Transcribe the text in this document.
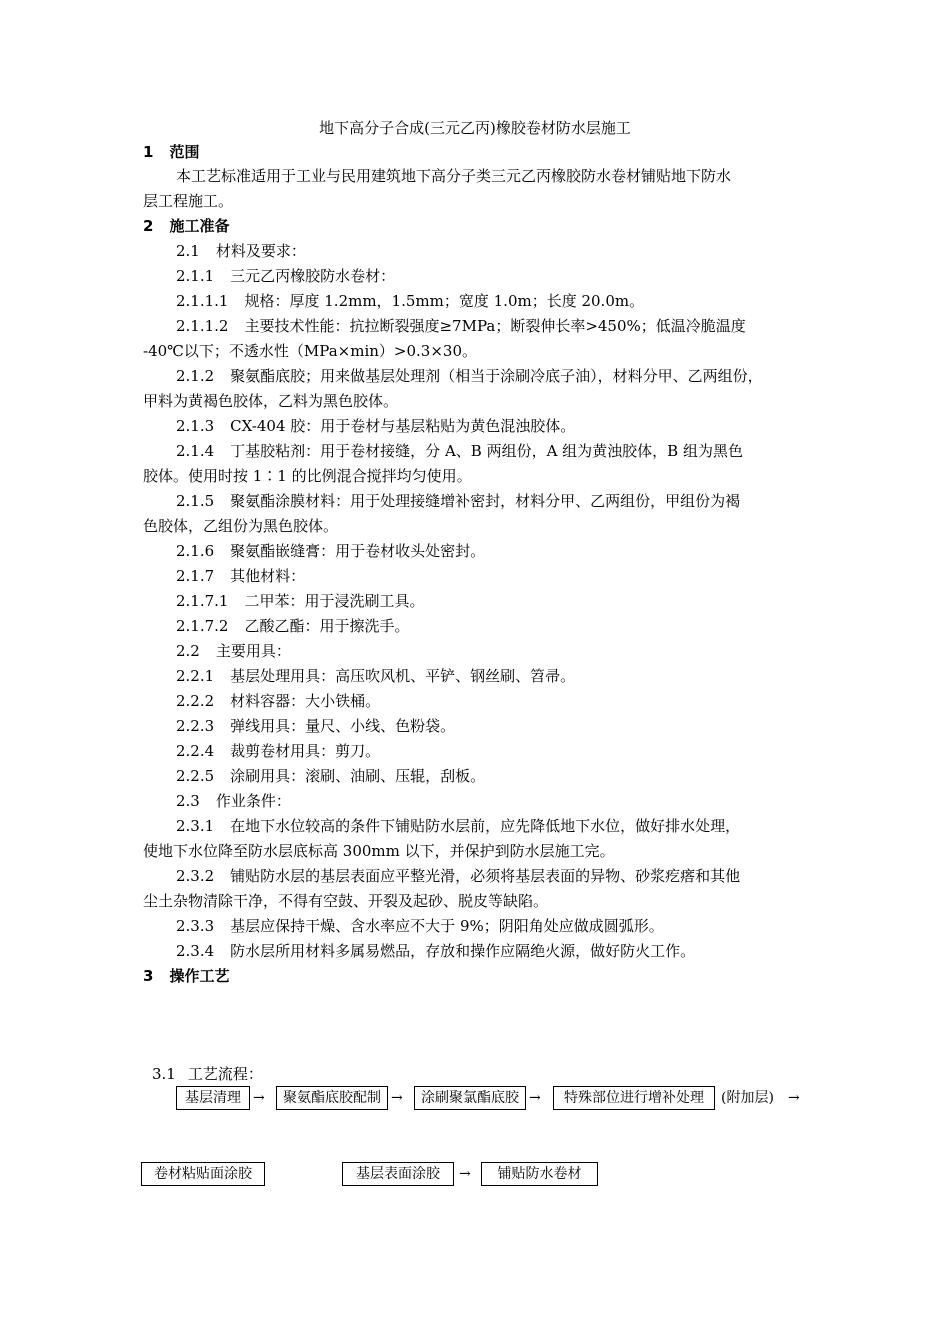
地下高分子合成(三元乙丙)橡胶卷材防水层施工
1 范围
本工艺标准适用于工业与民用建筑地下高分子类三元乙丙橡胶防水卷材铺贴地下防水
层工程施工。
2 施工准备
2.1 材料及要求：
2.1.1 三元乙丙橡胶防水卷材：
2.1.1.1 规格：厚度 1.2mm，1.5mm；宽度 1.0m；长度 20.0m。
2.1.1.2 主要技术性能：抗拉断裂强度≥7MPa；断裂伸长率>450%；低温冷脆温度
-40℃以下；不透水性（MPa×min）>0.3×30。
2.1.2 聚氨酯底胶；用来做基层处理剂（相当于涂刷冷底子油），材料分甲、乙两组份，
甲料为黄褐色胶体，乙料为黑色胶体。
2.1.3 CX-404 胶：用于卷材与基层粘贴为黄色混浊胶体。
2.1.4 丁基胶粘剂：用于卷材接缝，分 A、B 两组份，A 组为黄浊胶体，B 组为黑色
胶体。使用时按 1∶1 的比例混合搅拌均匀使用。
2.1.5 聚氨酯涂膜材料：用于处理接缝增补密封，材料分甲、乙两组份，甲组份为褐
色胶体，乙组份为黑色胶体。
2.1.6 聚氨酯嵌缝膏：用于卷材收头处密封。
2.1.7 其他材料：
2.1.7.1 二甲苯：用于浸洗刷工具。
2.1.7.2 乙酸乙酯：用于擦洗手。
2.2 主要用具：
2.2.1 基层处理用具：高压吹风机、平铲、钢丝刷、笤帚。
2.2.2 材料容器：大小铁桶。
2.2.3 弹线用具：量尺、小线、色粉袋。
2.2.4 裁剪卷材用具：剪刀。
2.2.5 涂刷用具：滚刷、油刷、压辊，刮板。
2.3 作业条件：
2.3.1 在地下水位较高的条件下铺贴防水层前，应先降低地下水位，做好排水处理，
使地下水位降至防水层底标高 300mm 以下，并保护到防水层施工完。
2.3.2 铺贴防水层的基层表面应平整光滑，必须将基层表面的异物、砂浆疙瘩和其他
尘土杂物清除干净，不得有空鼓、开裂及起砂、脱皮等缺陷。
2.3.3 基层应保持干燥、含水率应不大于 9%；阴阳角处应做成圆弧形。
2.3.4 防水层所用材料多属易燃品，存放和操作应隔绝火源，做好防火工作。
3 操作工艺
3.1 工艺流程：
基层清理 →	聚氨酯底胶配制 →	涂刷聚氯酯底胶 →	特殊部位进行增补处理	(附加层) →
卷材粘贴面涂胶	基层表面涂胶	→	铺贴防水卷材
